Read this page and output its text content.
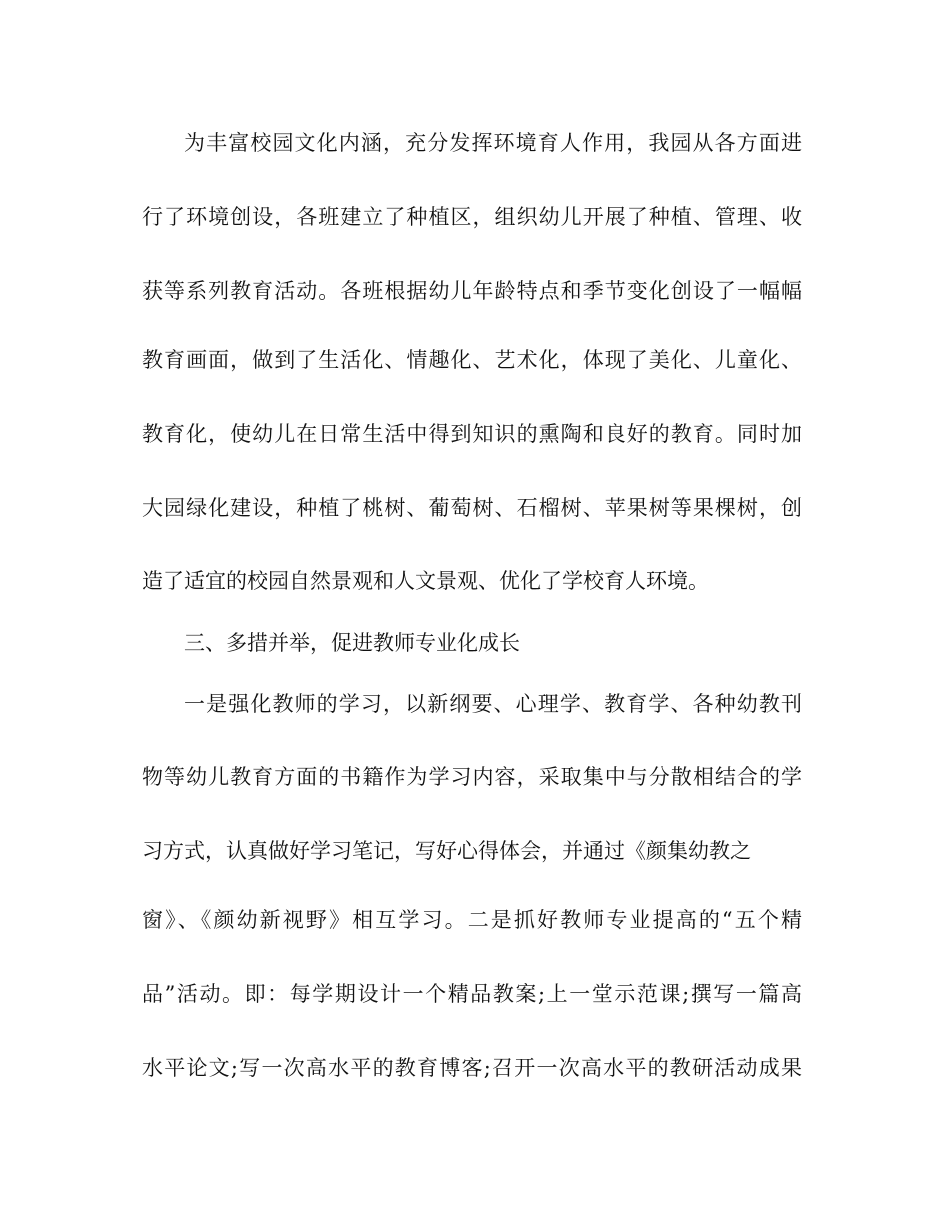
为丰富校园文化内涵，充分发挥环境育人作用，我园从各方面进
行了环境创设，各班建立了种植区，组织幼儿开展了种植、管理、收
获等系列教育活动。各班根据幼儿年龄特点和季节变化创设了一幅幅
教育画面，做到了生活化、情趣化、艺术化，体现了美化、儿童化、
教育化，使幼儿在日常生活中得到知识的熏陶和良好的教育。同时加
大园绿化建设，种植了桃树、葡萄树、石榴树、苹果树等果棵树，创
造了适宜的校园自然景观和人文景观、优化了学校育人环境。
三、多措并举，促进教师专业化成长
一是强化教师的学习，以新纲要、心理学、教育学、各种幼教刊
物等幼儿教育方面的书籍作为学习内容，采取集中与分散相结合的学
习方式，认真做好学习笔记，写好心得体会，并通过《颜集幼教之
窗》、《颜幼新视野》相互学习。二是抓好教师专业提高的“五个精
品”活动。即：每学期设计一个精品教案;上一堂示范课;撰写一篇高
水平论文;写一次高水平的教育博客;召开一次高水平的教研活动成果
